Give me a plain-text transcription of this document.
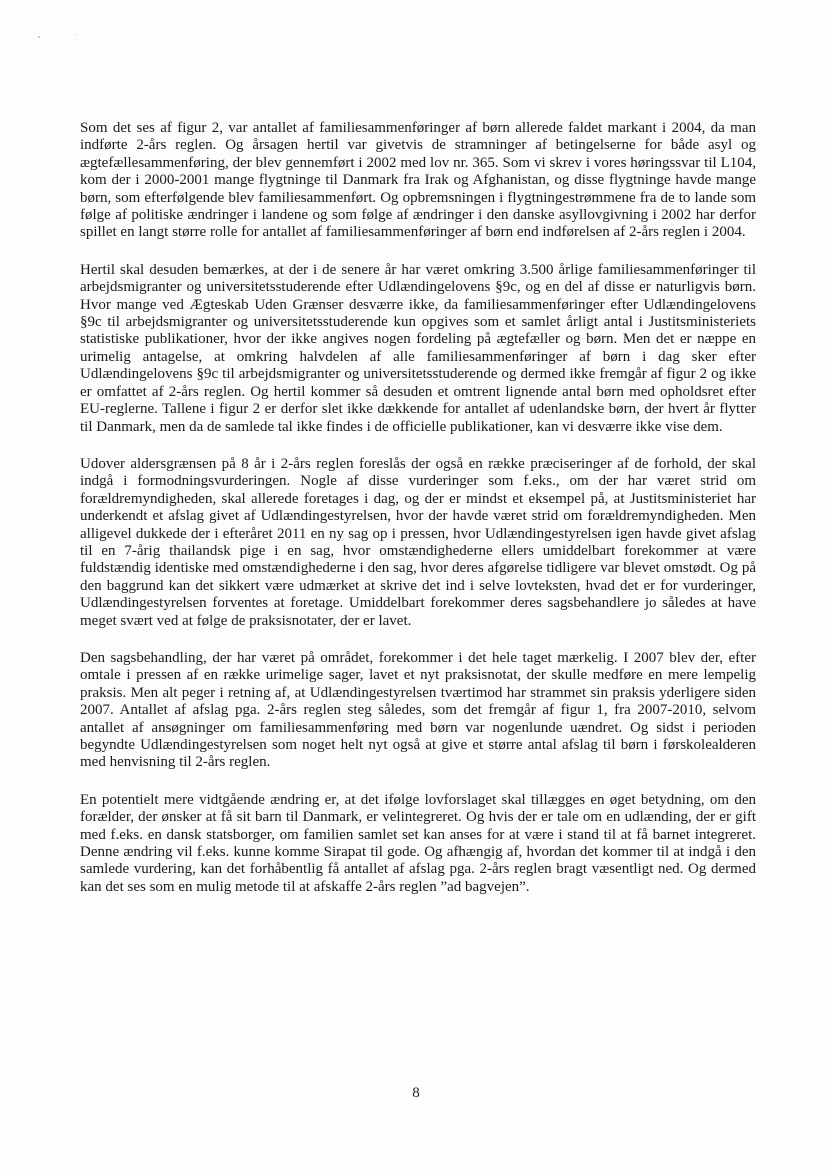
Som det ses af figur 2, var antallet af familiesammenføringer af børn allerede faldet markant i 2004, da man indførte 2-års reglen. Og årsagen hertil var givetvis de stramninger af betingelserne for både asyl og ægtefællesammenføring, der blev gennemført i 2002 med lov nr. 365. Som vi skrev i vores høringssvar til L104, kom der i 2000-2001 mange flygtninge til Danmark fra Irak og Afghanistan, og disse flygtninge havde mange børn, som efterfølgende blev familiesammenført. Og opbremsningen i flygtningestrømmene fra de to lande som følge af politiske ændringer i landene og som følge af ændringer i den danske asyllovgivning i 2002 har derfor spillet en langt større rolle for antallet af familiesammenføringer af børn end indførelsen af 2-års reglen i 2004.

Hertil skal desuden bemærkes, at der i de senere år har været omkring 3.500 årlige familiesammenføringer til arbejdsmigranter og universitetsstuderende efter Udlændingelovens §9c, og en del af disse er naturligvis børn. Hvor mange ved Ægteskab Uden Grænser desværre ikke, da familiesammenføringer efter Udlændingelovens §9c til arbejdsmigranter og universitetsstuderende kun opgives som et samlet årligt antal i Justitsministeriets statistiske publikationer, hvor der ikke angives nogen fordeling på ægtefæller og børn. Men det er næppe en urimelig antagelse, at omkring halvdelen af alle familiesammenføringer af børn i dag sker efter Udlændingelovens §9c til arbejdsmigranter og universitetsstuderende og dermed ikke fremgår af figur 2 og ikke er omfattet af 2-års reglen. Og hertil kommer så desuden et omtrent lignende antal børn med opholdsret efter EU-reglerne. Tallene i figur 2 er derfor slet ikke dækkende for antallet af udenlandske børn, der hvert år flytter til Danmark, men da de samlede tal ikke findes i de officielle publikationer, kan vi desværre ikke vise dem.

Udover aldersgrænsen på 8 år i 2-års reglen foreslås der også en række præciseringer af de forhold, der skal indgå i formodningsvurderingen. Nogle af disse vurderinger som f.eks., om der har været strid om forældremyndigheden, skal allerede foretages i dag, og der er mindst et eksempel på, at Justitsministeriet har underkendt et afslag givet af Udlændingestyrelsen, hvor der havde været strid om forældremyndigheden. Men alligevel dukkede der i efteråret 2011 en ny sag op i pressen, hvor Udlændingestyrelsen igen havde givet afslag til en 7-årig thailandsk pige i en sag, hvor omstændighederne ellers umiddelbart forekommer at være fuldstændig identiske med omstændighederne i den sag, hvor deres afgørelse tidligere var blevet omstødt. Og på den baggrund kan det sikkert være udmærket at skrive det ind i selve lovteksten, hvad det er for vurderinger, Udlændingestyrelsen forventes at foretage. Umiddelbart forekommer deres sagsbehandlere jo således at have meget svært ved at følge de praksisnotater, der er lavet.

Den sagsbehandling, der har været på området, forekommer i det hele taget mærkelig. I 2007 blev der, efter omtale i pressen af en række urimelige sager, lavet et nyt praksisnotat, der skulle medføre en mere lempelig praksis. Men alt peger i retning af, at Udlændingestyrelsen tværtimod har strammet sin praksis yderligere siden 2007. Antallet af afslag pga. 2-års reglen steg således, som det fremgår af figur 1, fra 2007-2010, selvom antallet af ansøgninger om familiesammenføring med børn var nogenlunde uændret. Og sidst i perioden begyndte Udlændingestyrelsen som noget helt nyt også at give et større antal afslag til børn i førskolealderen med henvisning til 2-års reglen.

En potentielt mere vidtgående ændring er, at det ifølge lovforslaget skal tillægges en øget betydning, om den forælder, der ønsker at få sit barn til Danmark, er velintegreret. Og hvis der er tale om en udlænding, der er gift med f.eks. en dansk statsborger, om familien samlet set kan anses for at være i stand til at få barnet integreret. Denne ændring vil f.eks. kunne komme Sirapat til gode. Og afhængig af, hvordan det kommer til at indgå i den samlede vurdering, kan det forhåbentlig få antallet af afslag pga. 2-års reglen bragt væsentligt ned. Og dermed kan det ses som en mulig metode til at afskaffe 2-års reglen ”ad bagvejen”.

8
